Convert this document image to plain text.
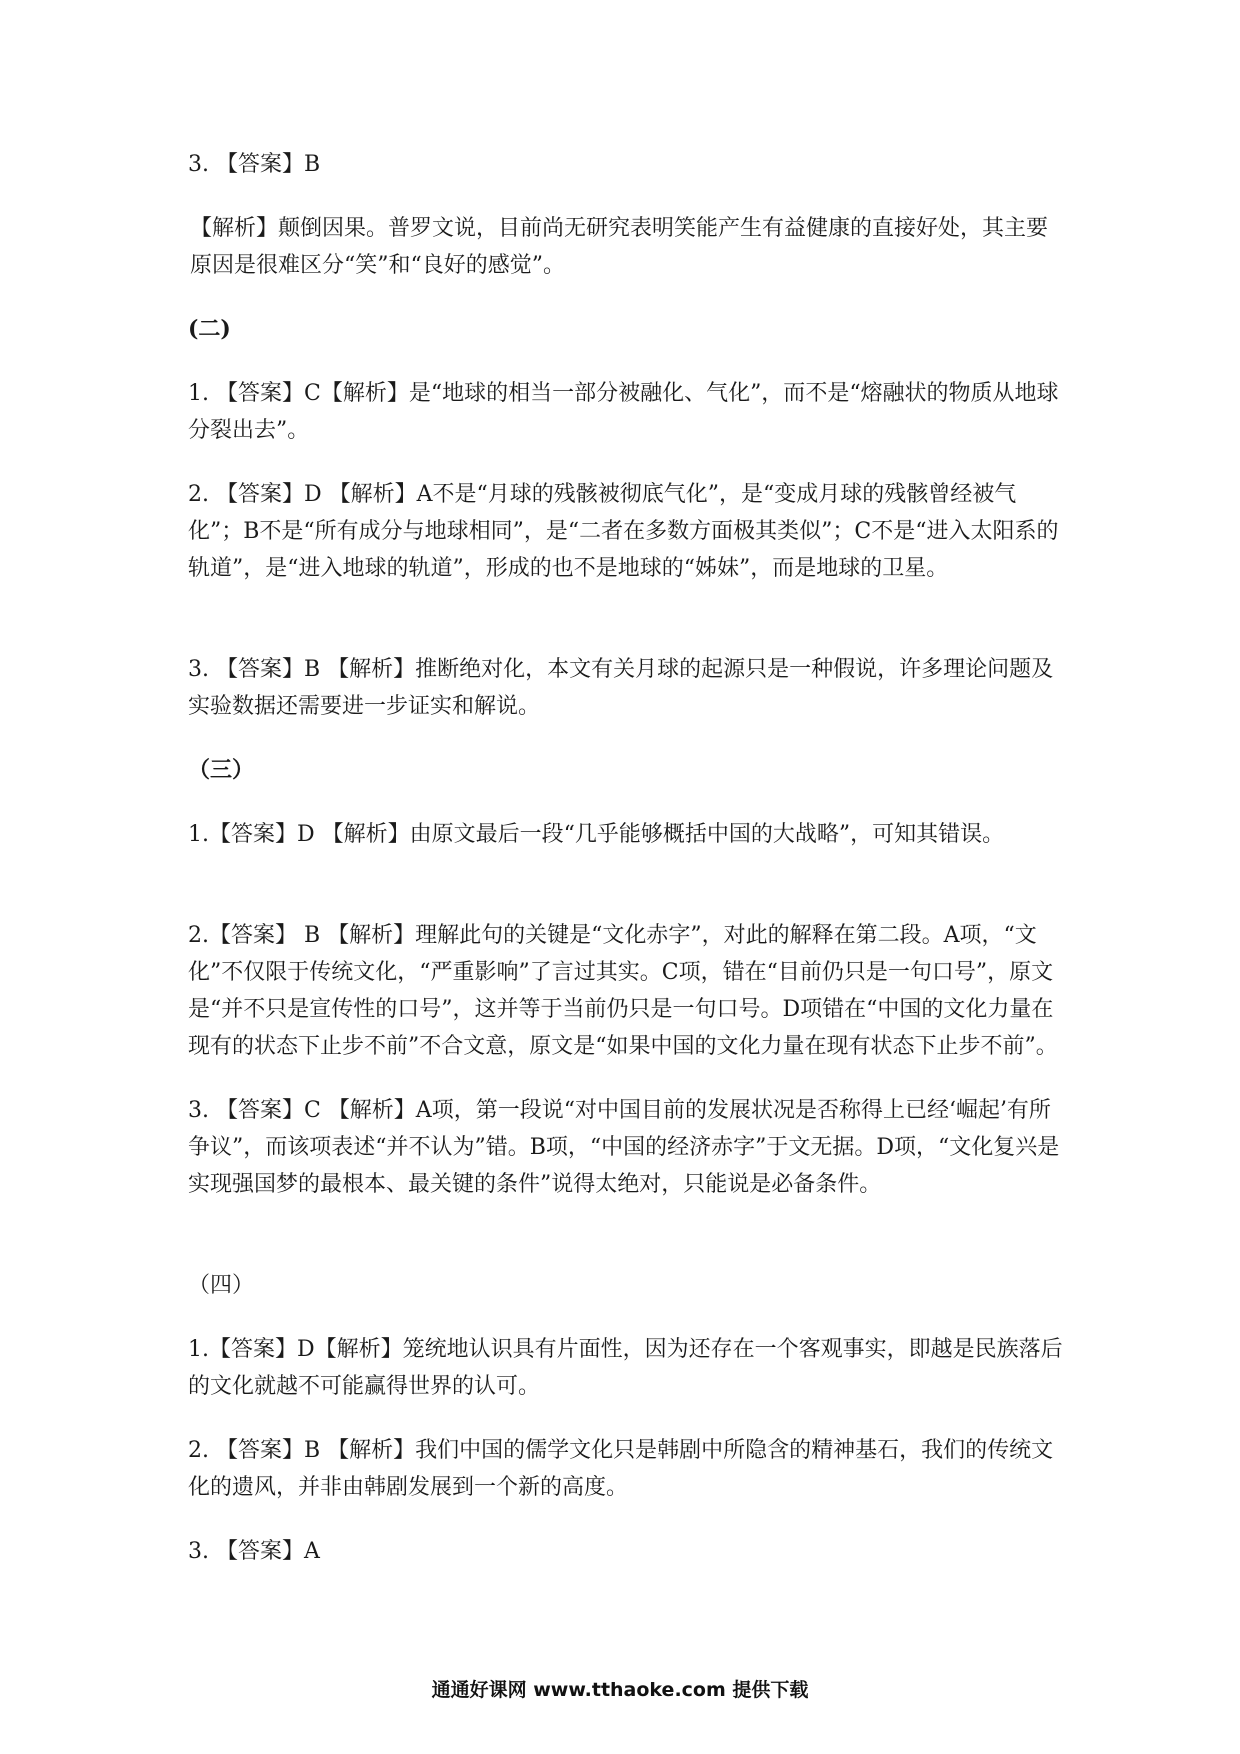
3. 【答案】B

【解析】颠倒因果。普罗文说，目前尚无研究表明笑能产生有益健康的直接好处，其主要原因是很难区分“笑”和“良好的感觉”。

(二)

1. 【答案】C【解析】是“地球的相当一部分被融化、气化”，而不是“熔融状的物质从地球分裂出去”。

2. 【答案】D 【解析】A不是“月球的残骸被彻底气化”，是“变成月球的残骸曾经被气化”；B不是“所有成分与地球相同”，是“二者在多数方面极其类似”；C不是“进入太阳系的轨道”，是“进入地球的轨道”，形成的也不是地球的“姊妹”，而是地球的卫星。

3. 【答案】B 【解析】推断绝对化，本文有关月球的起源只是一种假说，许多理论问题及实验数据还需要进一步证实和解说。

（三）

1.【答案】D 【解析】由原文最后一段“几乎能够概括中国的大战略”，可知其错误。

2.【答案】 B 【解析】理解此句的关键是“文化赤字”，对此的解释在第二段。A项，“文化”不仅限于传统文化，“严重影响”了言过其实。C项，错在“目前仍只是一句口号”，原文是“并不只是宣传性的口号”，这并等于当前仍只是一句口号。D项错在“中国的文化力量在现有的状态下止步不前”不合文意，原文是“如果中国的文化力量在现有状态下止步不前”。

3. 【答案】C 【解析】A项，第一段说“对中国目前的发展状况是否称得上已经‘崛起’有所争议”，而该项表述“并不认为”错。B项，“中国的经济赤字”于文无据。D项，“文化复兴是实现强国梦的最根本、最关键的条件”说得太绝对，只能说是必备条件。

（四）

1.【答案】D【解析】笼统地认识具有片面性，因为还存在一个客观事实，即越是民族落后的文化就越不可能赢得世界的认可。

2. 【答案】B 【解析】我们中国的儒学文化只是韩剧中所隐含的精神基石，我们的传统文化的遗风，并非由韩剧发展到一个新的高度。

3. 【答案】A

通通好课网 www.tthaoke.com 提供下载
